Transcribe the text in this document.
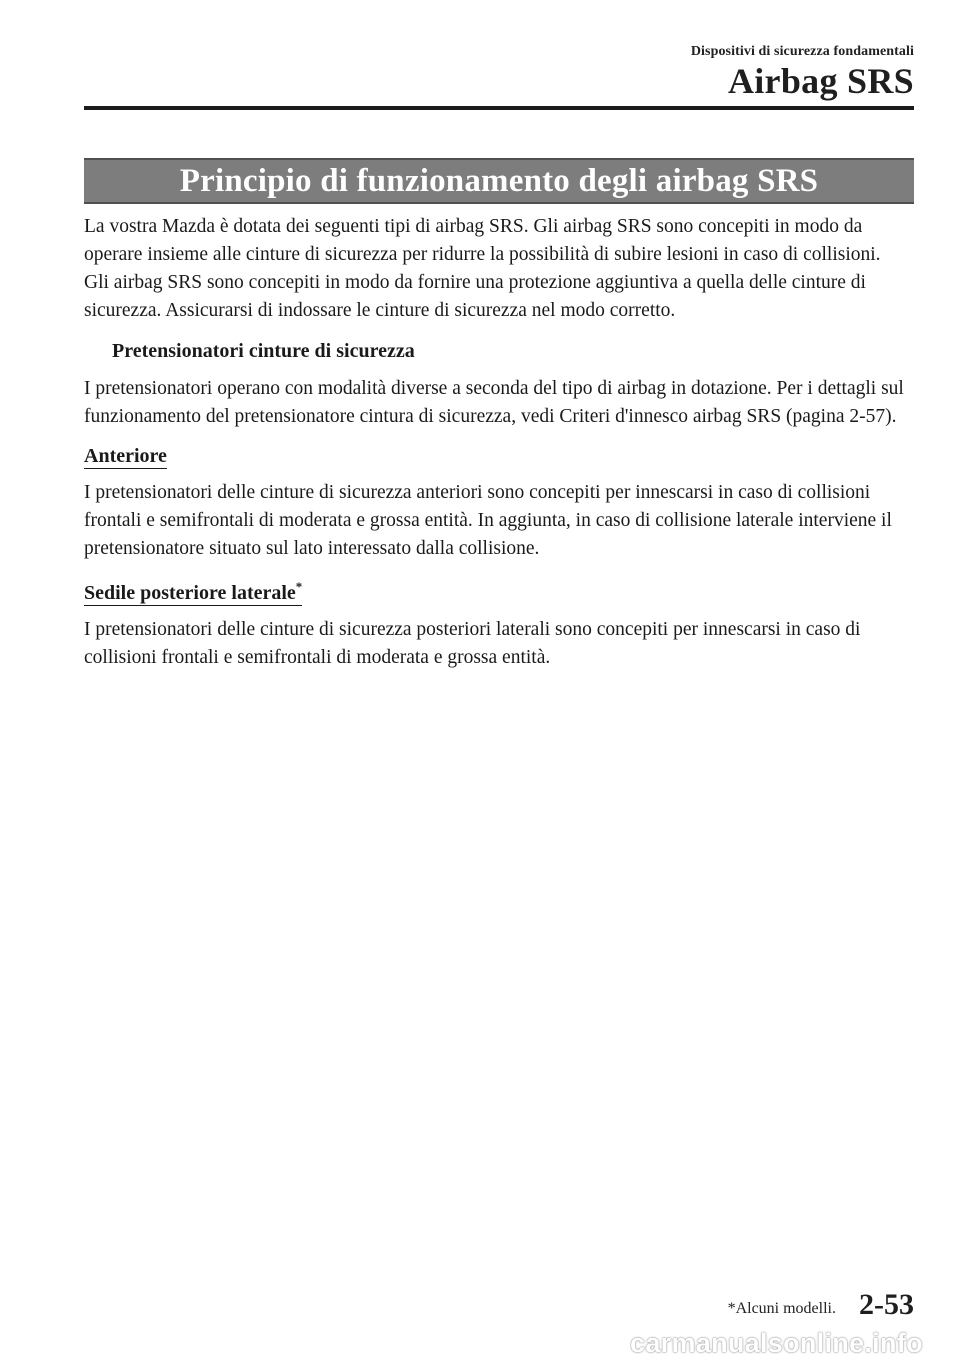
Dispositivi di sicurezza fondamentali
Airbag SRS
Principio di funzionamento degli airbag SRS

La vostra Mazda è dotata dei seguenti tipi di airbag SRS. Gli airbag SRS sono concepiti in modo da operare insieme alle cinture di sicurezza per ridurre la possibilità di subire lesioni in caso di collisioni.

Gli airbag SRS sono concepiti in modo da fornire una protezione aggiuntiva a quella delle cinture di sicurezza. Assicurarsi di indossare le cinture di sicurezza nel modo corretto.

Pretensionatori cinture di sicurezza

I pretensionatori operano con modalità diverse a seconda del tipo di airbag in dotazione. Per i dettagli sul funzionamento del pretensionatore cintura di sicurezza, vedi Criteri d'innesco airbag SRS (pagina 2-57).

Anteriore

I pretensionatori delle cinture di sicurezza anteriori sono concepiti per innescarsi in caso di collisioni frontali e semifrontali di moderata e grossa entità. In aggiunta, in caso di collisione laterale interviene il pretensionatore situato sul lato interessato dalla collisione.

Sedile posteriore laterale*

I pretensionatori delle cinture di sicurezza posteriori laterali sono concepiti per innescarsi in caso di collisioni frontali e semifrontali di moderata e grossa entità.

*Alcuni modelli. 2-53
carmanualsonline.info
